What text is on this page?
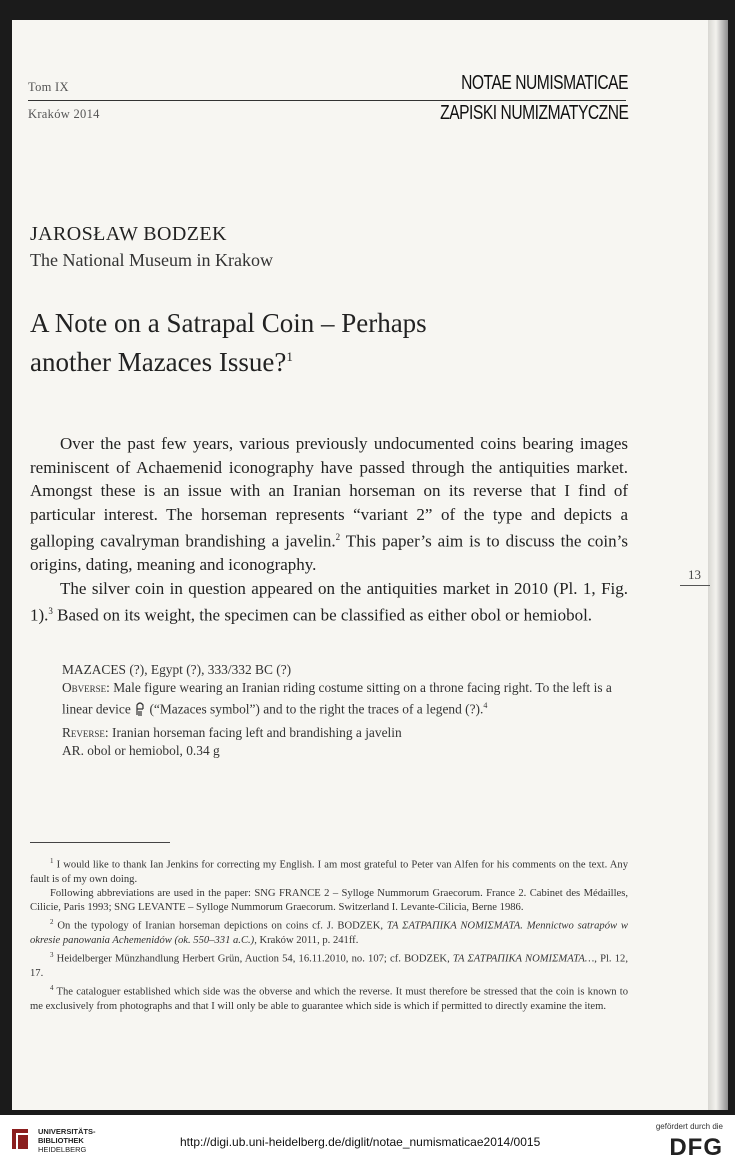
Tom IX
Kraków 2014
NOTAE NUMISMATICAE
ZAPISKI NUMIZMATYCZNE
JAROSŁAW BODZEK
The National Museum in Krakow
A Note on a Satrapal Coin – Perhaps
another Mazaces Issue?$^1$

Over the past few years, various previously undocumented coins bearing images reminiscent of Achaemenid iconography have passed through the antiquities market. Amongst these is an issue with an Iranian horseman on its reverse that I find of particular interest. The horseman represents “variant 2” of the type and depicts a galloping cavalryman brandishing a javelin.$^2$ This paper’s aim is to discuss the coin’s origins, dating, meaning and iconography.

The silver coin in question appeared on the antiquities market in 2010 (Pl. 1, Fig. 1).$^3$ Based on its weight, the specimen can be classified as either obol or hemiobol.

MAZACES (?), Egypt (?), 333/332 BC (?)
Obverse: Male figure wearing an Iranian riding costume sitting on a throne facing right. To the left is a linear device  (“Mazaces symbol”) and to the right the traces of a legend (?).$^4$
Reverse: Iranian horseman facing left and brandishing a javelin
AR. obol or hemiobol, 0.34 g
13

$^1$ I would like to thank Ian Jenkins for correcting my English. I am most grateful to Peter van Alfen for his comments on the text. Any fault is of my own doing.

Following abbreviations are used in the paper: SNG FRANCE 2 – Sylloge Nummorum Graecorum. France 2. Cabinet des Médailles, Cilicie, Paris 1993; SNG LEVANTE – Sylloge Nummorum Graecorum. Switzerland I. Levante-Cilicia, Berne 1986.

$^2$ On the typology of Iranian horseman depictions on coins cf. J. BODZEK, ΤΑ ΣΑΤΡΑΠΙΚΑ ΝΟΜΙΣΜΑΤΑ. Mennictwo satrapów w okresie panowania Achemenidów (ok. 550–331 a.C.), Kraków 2011, p. 241ff.

$^3$ Heidelberger Münzhandlung Herbert Grün, Auction 54, 16.11.2010, no. 107; cf. BODZEK, ΤΑ ΣΑΤΡΑΠΙΚΑ ΝΟΜΙΣΜΑΤΑ…, Pl. 12, 17.

$^4$ The cataloguer established which side was the obverse and which the reverse. It must therefore be stressed that the coin is known to me exclusively from photographs and that I will only be able to guarantee which side is which if permitted to directly examine the item.

UNIVERSITÄTS-
BIBLIOTHEK
HEIDELBERG
http://digi.ub.uni-heidelberg.de/diglit/notae_numismaticae2014/0015
gefördert durch die
DFG
